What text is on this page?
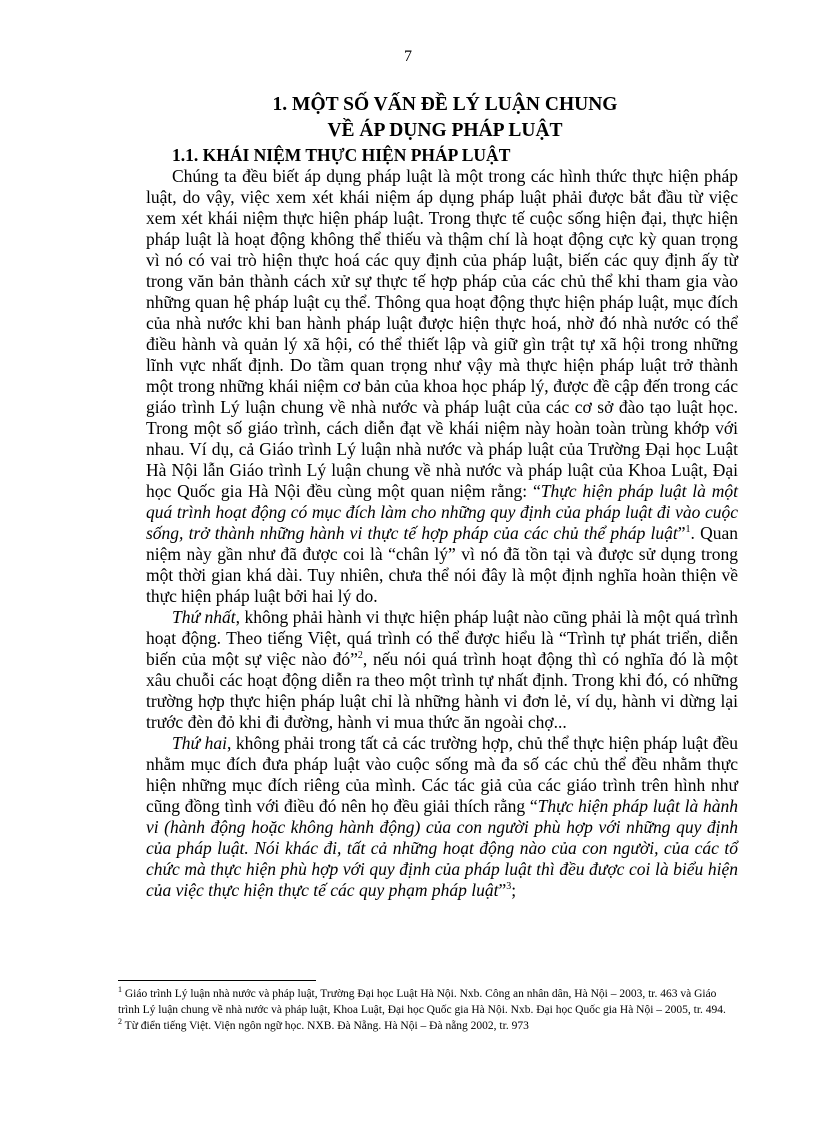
7
1. MỘT SỐ VẤN ĐỀ LÝ LUẬN CHUNG
VỀ ÁP DỤNG PHÁP LUẬT
1.1. KHÁI NIỆM THỰC HIỆN PHÁP LUẬT

Chúng ta đều biết áp dụng pháp luật là một trong các hình thức thực hiện pháp luật, do vậy, việc xem xét khái niệm áp dụng pháp luật phải được bắt đầu từ việc xem xét khái niệm thực hiện pháp luật. Trong thực tế cuộc sống hiện đại, thực hiện pháp luật là hoạt động không thể thiếu và thậm chí là hoạt động cực kỳ quan trọng vì nó có vai trò hiện thực hoá các quy định của pháp luật, biến các quy định ấy từ trong văn bản thành cách xử sự thực tế hợp pháp của các chủ thể khi tham gia vào những quan hệ pháp luật cụ thể. Thông qua hoạt động thực hiện pháp luật, mục đích của nhà nước khi ban hành pháp luật được hiện thực hoá, nhờ đó nhà nước có thể điều hành và quản lý xã hội, có thể thiết lập và giữ gìn trật tự xã hội trong những lĩnh vực nhất định. Do tầm quan trọng như vậy mà thực hiện pháp luật trở thành một trong những khái niệm cơ bản của khoa học pháp lý, được đề cập đến trong các giáo trình Lý luận chung về nhà nước và pháp luật của các cơ sở đào tạo luật học. Trong một số giáo trình, cách diễn đạt về khái niệm này hoàn toàn trùng khớp với nhau. Ví dụ, cả Giáo trình Lý luận nhà nước và pháp luật của Trường Đại học Luật Hà Nội lẫn Giáo trình Lý luận chung về nhà nước và pháp luật của Khoa Luật, Đại học Quốc gia Hà Nội đều cùng một quan niệm rằng: “Thực hiện pháp luật là một quá trình hoạt động có mục đích làm cho những quy định của pháp luật đi vào cuộc sống, trở thành những hành vi thực tế hợp pháp của các chủ thể pháp luật”$^1$. Quan niệm này gần như đã được coi là “chân lý” vì nó đã tồn tại và được sử dụng trong một thời gian khá dài. Tuy nhiên, chưa thể nói đây là một định nghĩa hoàn thiện về thực hiện pháp luật bởi hai lý do.

Thứ nhất, không phải hành vi thực hiện pháp luật nào cũng phải là một quá trình hoạt động. Theo tiếng Việt, quá trình có thể được hiểu là “Trình tự phát triển, diễn biến của một sự việc nào đó”$^2$, nếu nói quá trình hoạt động thì có nghĩa đó là một xâu chuỗi các hoạt động diễn ra theo một trình tự nhất định. Trong khi đó, có những trường hợp thực hiện pháp luật chỉ là những hành vi đơn lẻ, ví dụ, hành vi dừng lại trước đèn đỏ khi đi đường, hành vi mua thức ăn ngoài chợ...

Thứ hai, không phải trong tất cả các trường hợp, chủ thể thực hiện pháp luật đều nhằm mục đích đưa pháp luật vào cuộc sống mà đa số các chủ thể đều nhằm thực hiện những mục đích riêng của mình. Các tác giả của các giáo trình trên hình như cũng đồng tình với điều đó nên họ đều giải thích rằng “Thực hiện pháp luật là hành vi (hành động hoặc không hành động) của con người phù hợp với những quy định của pháp luật. Nói khác đi, tất cả những hoạt động nào của con người, của các tổ chức mà thực hiện phù hợp với quy định của pháp luật thì đều được coi là biểu hiện của việc thực hiện thực tế các quy phạm pháp luật”$^3$;

$^1$ Giáo trình Lý luận nhà nước và pháp luật, Trường Đại học Luật Hà Nội. Nxb. Công an nhân dân, Hà Nội – 2003, tr. 463 và Giáo trình Lý luận chung về nhà nước và pháp luật, Khoa Luật, Đại học Quốc gia Hà Nội. Nxb. Đại học Quốc gia Hà Nội – 2005, tr. 494.

$^2$ Từ điển tiếng Việt. Viện ngôn ngữ học. NXB. Đà Nẵng. Hà Nội – Đà nẵng 2002, tr. 973
